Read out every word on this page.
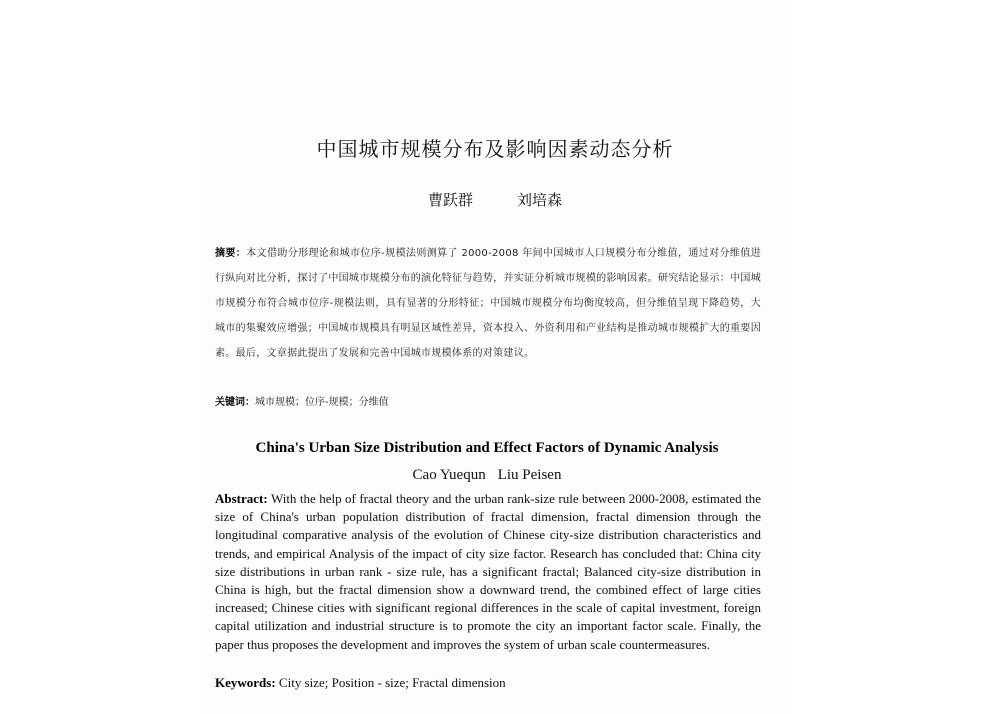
中国城市规模分布及影响因素动态分析
曹跃群	刘培森
摘要：本文借助分形理论和城市位序-规模法则测算了 2000-2008 年间中国城市人口规模分布分维值，通过对分维值进行纵向对比分析，探讨了中国城市规模分布的演化特征与趋势，并实证分析城市规模的影响因素。研究结论显示：中国城市规模分布符合城市位序-规模法则，具有显著的分形特征；中国城市规模分布均衡度较高，但分维值呈现下降趋势，大城市的集聚效应增强；中国城市规模具有明显区域性差异，资本投入、外资利用和产业结构是推动城市规模扩大的重要因素。最后，文章据此提出了发展和完善中国城市规模体系的对策建议。
关键词：城市规模；位序-规模；分维值
China's Urban Size Distribution and Effect Factors of Dynamic Analysis
Cao Yuequn Liu Peisen
Abstract: With the help of fractal theory and the urban rank-size rule between 2000-2008, estimated the size of China's urban population distribution of fractal dimension, fractal dimension through the longitudinal comparative analysis of the evolution of Chinese city-size distribution characteristics and trends, and empirical Analysis of the impact of city size factor. Research has concluded that: China city size distributions in urban rank - size rule, has a significant fractal; Balanced city-size distribution in China is high, but the fractal dimension show a downward trend, the combined effect of large cities increased; Chinese cities with significant regional differences in the scale of capital investment, foreign capital utilization and industrial structure is to promote the city an important factor scale. Finally, the paper thus proposes the development and improves the system of urban scale countermeasures.
Keywords: City size; Position - size; Fractal dimension
